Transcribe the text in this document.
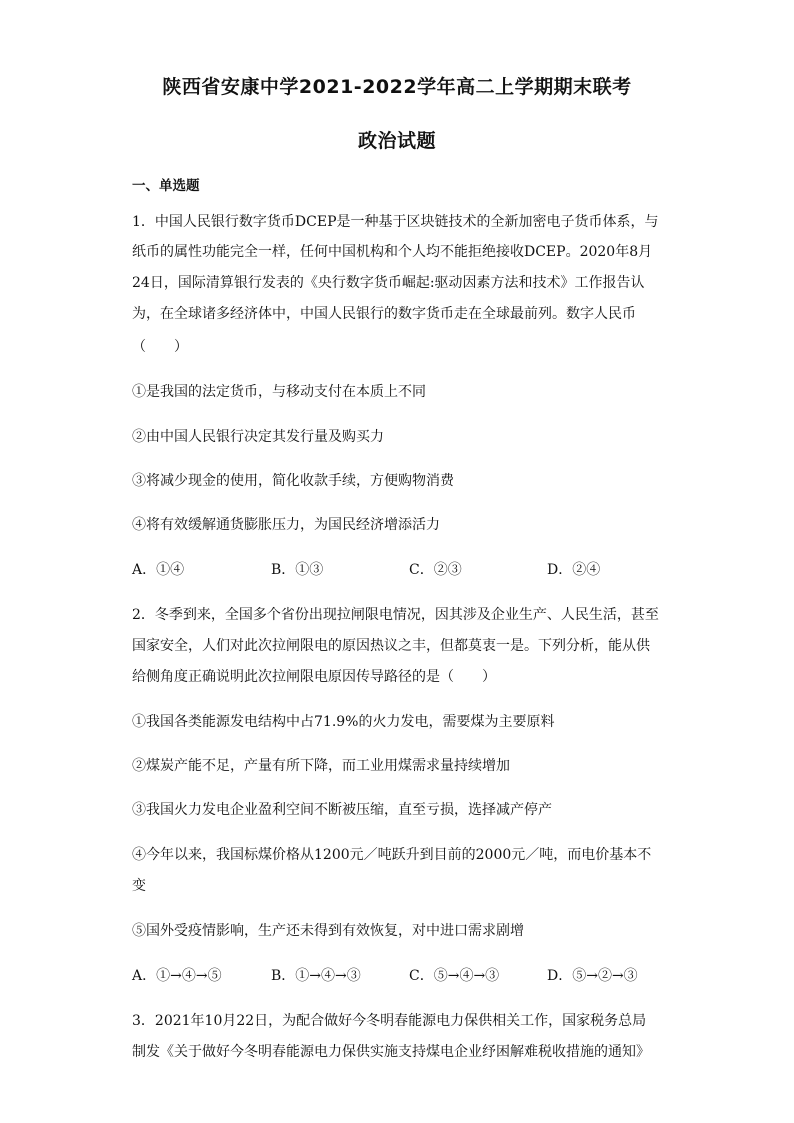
陕西省安康中学2021-2022学年高二上学期期末联考
政治试题
一、单选题
1．中国人民银行数字货币DCEP是一种基于区块链技术的全新加密电子货币体系，与
纸币的属性功能完全一样，任何中国机构和个人均不能拒绝接收DCEP。2020年8月
24日，国际清算银行发表的《央行数字货币崛起:驱动因素方法和技术》工作报告认
为，在全球诸多经济体中，中国人民银行的数字货币走在全球最前列。数字人民币
（　　）
①是我国的法定货币，与移动支付在本质上不同
②由中国人民银行决定其发行量及购买力
③将减少现金的使用，简化收款手续，方便购物消费
④将有效缓解通货膨胀压力，为国民经济增添活力
A．①④	B．①③	C．②③	D．②④
2．冬季到来，全国多个省份出现拉闸限电情况，因其涉及企业生产、人民生活，甚至
国家安全，人们对此次拉闸限电的原因热议之丰，但都莫衷一是。下列分析，能从供
给侧角度正确说明此次拉闸限电原因传导路径的是（　　）
①我国各类能源发电结构中占71.9%的火力发电，需要煤为主要原料
②煤炭产能不足，产量有所下降，而工业用煤需求量持续增加
③我国火力发电企业盈利空间不断被压缩，直至亏损，选择减产停产
④今年以来，我国标煤价格从1200元／吨跃升到目前的2000元／吨，而电价基本不
变
⑤国外受疫情影响，生产还未得到有效恢复，对中进口需求剧增
A．①→④→⑤	B．①→④→③	C．⑤→④→③	D．⑤→②→③
3．2021年10月22日，为配合做好今冬明春能源电力保供相关工作，国家税务总局
制发《关于做好今冬明春能源电力保供实施支持煤电企业纾困解难税收措施的通知》
